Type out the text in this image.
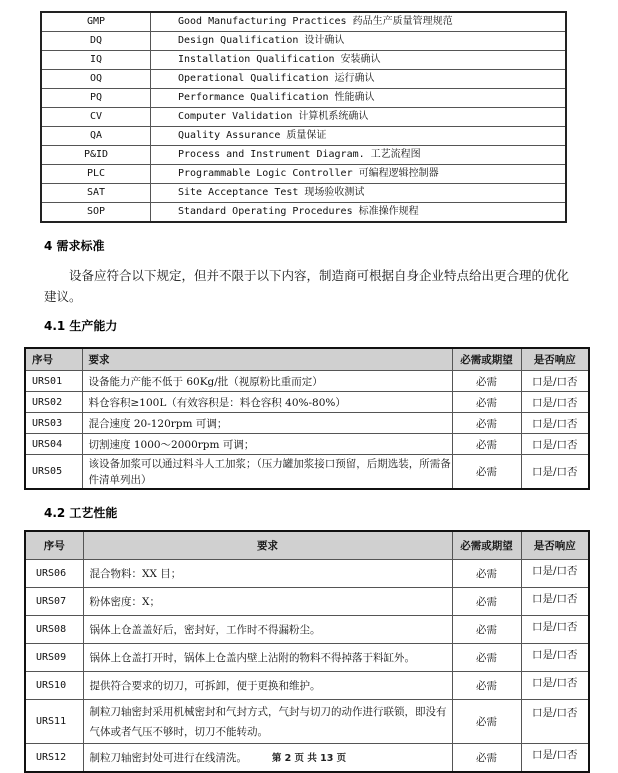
GMP	Good Manufacturing Practices 药品生产质量管理规范
DQ	Design Qualification 设计确认
IQ	Installation Qualification 安装确认
OQ	Operational Qualification 运行确认
PQ	Performance Qualification 性能确认
CV	Computer Validation 计算机系统确认
QA	Quality Assurance 质量保证
P&ID	Process and Instrument Diagram. 工艺流程图
PLC	Programmable Logic Controller 可编程逻辑控制器
SAT	Site Acceptance Test 现场验收测试
SOP	Standard Operating Procedures 标准操作规程
4 需求标准
设备应符合以下规定，但并不限于以下内容，制造商可根据自身企业特点给出更合理的优化建议。
4.1 生产能力
序号	要求	必需或期望	是否响应
URS01	设备能力产能不低于 60Kg/批（视原粉比重而定）	必需	口是/口否
URS02	料仓容积≥100L（有效容积是：料仓容积 40%-80%）	必需	口是/口否
URS03	混合速度 20-120rpm 可调；	必需	口是/口否
URS04	切割速度 1000～2000rpm 可调；	必需	口是/口否
URS05	该设备加浆可以通过料斗人工加浆；（压力罐加浆接口预留，后期选装，所需备件清单列出）	必需	口是/口否
4.2 工艺性能
序号	要求	必需或期望	是否响应
URS06	混合物料：XX 目；	必需	口是/口否
URS07	粉体密度：X；	必需	口是/口否
URS08	锅体上仓盖盖好后，密封好，工作时不得漏粉尘。	必需	口是/口否
URS09	锅体上仓盖打开时，锅体上仓盖内壁上沾附的物料不得掉落于料缸外。	必需	口是/口否
URS10	提供符合要求的切刀，可拆卸，便于更换和维护。	必需	口是/口否
URS11	制粒刀轴密封采用机械密封和气封方式，气封与切刀的动作进行联锁，即没有气体或者气压不够时，切刀不能转动。	必需	口是/口否
URS12	制粒刀轴密封处可进行在线清洗。	必需	口是/口否
第 2 页 共 13 页
